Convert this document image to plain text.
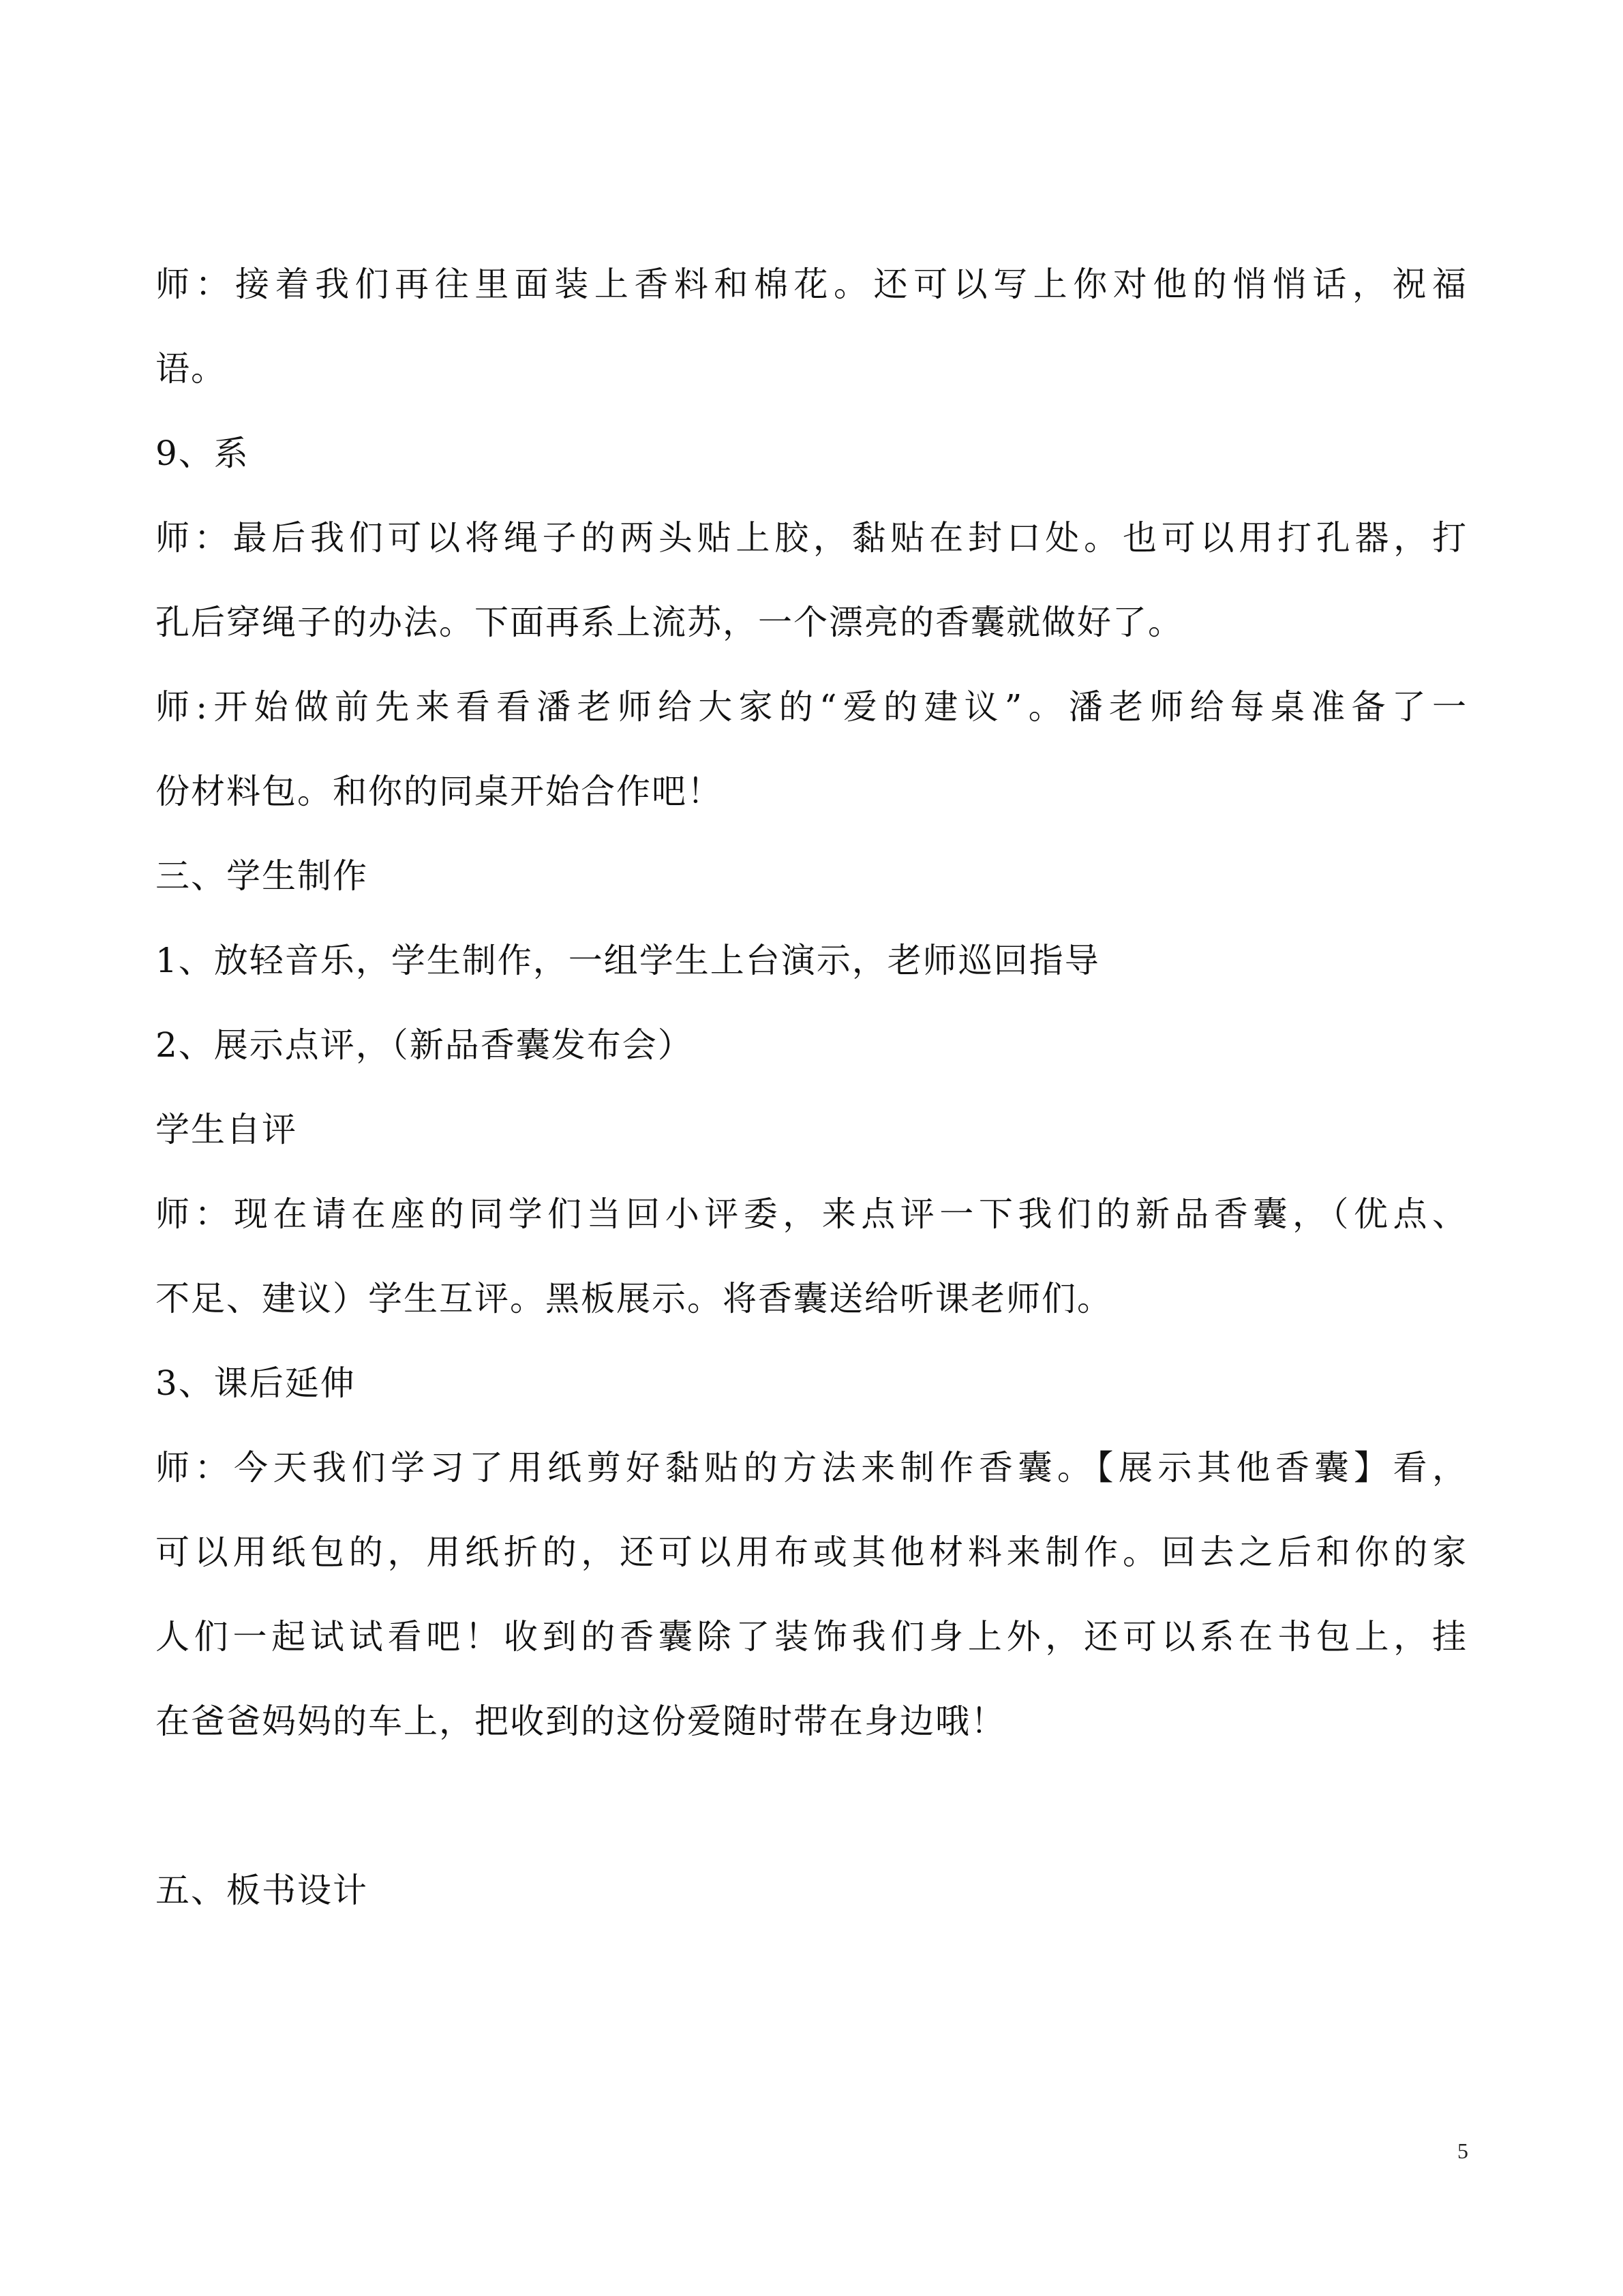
师：接着我们再往里面装上香料和棉花。还可以写上你对他的悄悄话，祝福
语。
9、系
师：最后我们可以将绳子的两头贴上胶，黏贴在封口处。也可以用打孔器，打
孔后穿绳子的办法。下面再系上流苏，一个漂亮的香囊就做好了。
师:开始做前先来看看潘老师给大家的“爱的建议”。潘老师给每桌准备了一
份材料包。和你的同桌开始合作吧！
三、学生制作
1、放轻音乐，学生制作，一组学生上台演示，老师巡回指导
2、展示点评，（新品香囊发布会）
学生自评
师：现在请在座的同学们当回小评委，来点评一下我们的新品香囊，（优点、
不足、建议）学生互评。黑板展示。将香囊送给听课老师们。
3、课后延伸
师：今天我们学习了用纸剪好黏贴的方法来制作香囊。【展示其他香囊】看，
可以用纸包的，用纸折的，还可以用布或其他材料来制作。回去之后和你的家
人们一起试试看吧！收到的香囊除了装饰我们身上外，还可以系在书包上，挂
在爸爸妈妈的车上，把收到的这份爱随时带在身边哦！
五、板书设计
5
